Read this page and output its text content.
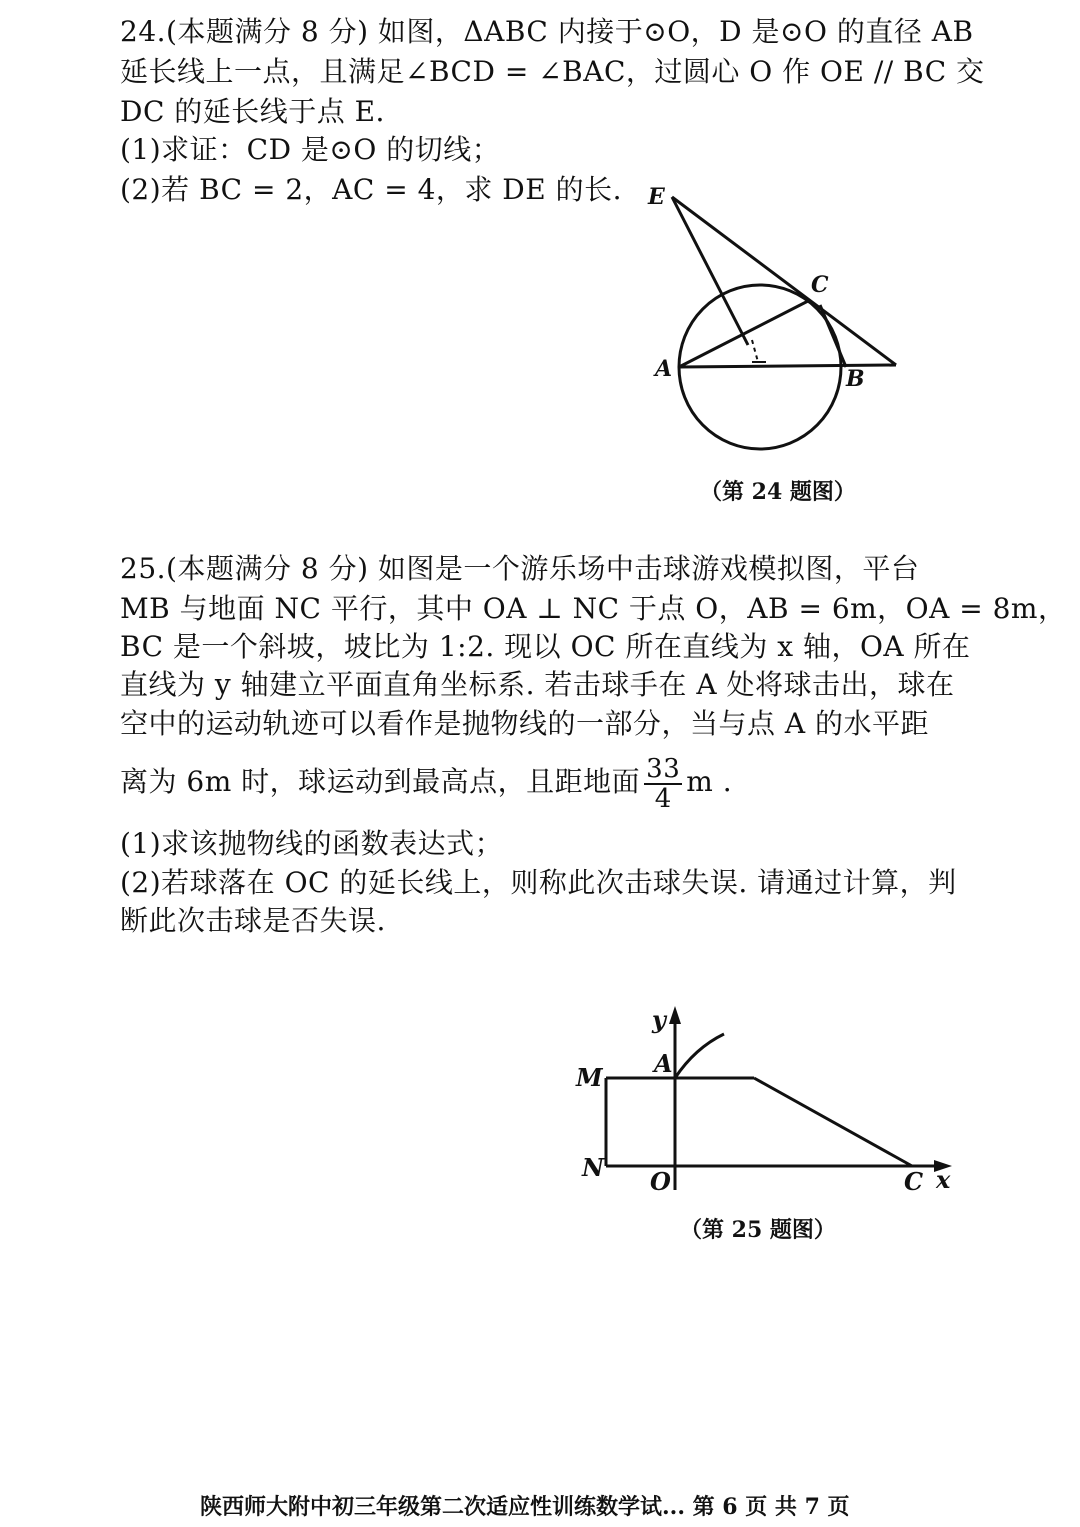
24.(本题满分 8 分) 如图，ΔABC 内接于⊙O，D 是⊙O 的直径 AB
延长线上一点，且满足∠BCD = ∠BAC，过圆心 O 作 OE // BC 交
DC 的延长线于点 E．
(1)求证：CD 是⊙O 的切线；
(2)若 BC = 2，AC = 4，求 DE 的长. E
C
A	B
（第 24 题图）
25.(本题满分 8 分) 如图是一个游乐场中击球游戏模拟图，平台
MB 与地面 NC 平行，其中 OA ⊥ NC 于点 O，AB = 6m，OA = 8m，
BC 是一个斜坡，坡比为 1:2. 现以 OC 所在直线为 x 轴，OA 所在
直线为 y 轴建立平面直角坐标系. 若击球手在 A 处将球击出，球在
空中的运动轨迹可以看作是抛物线的一部分，当与点 A 的水平距
离为 6m 时，球运动到最高点，且距地面 $\frac{33}{4}$ m .
(1)求该抛物线的函数表达式；
(2)若球落在 OC 的延长线上，则称此次击球失误. 请通过计算，判
断此次击球是否失误.
y
A
M
N O	C x
（第 25 题图）
陕西师大附中初三年级第二次适应性训练数学试... 第 6 页 共 7 页
